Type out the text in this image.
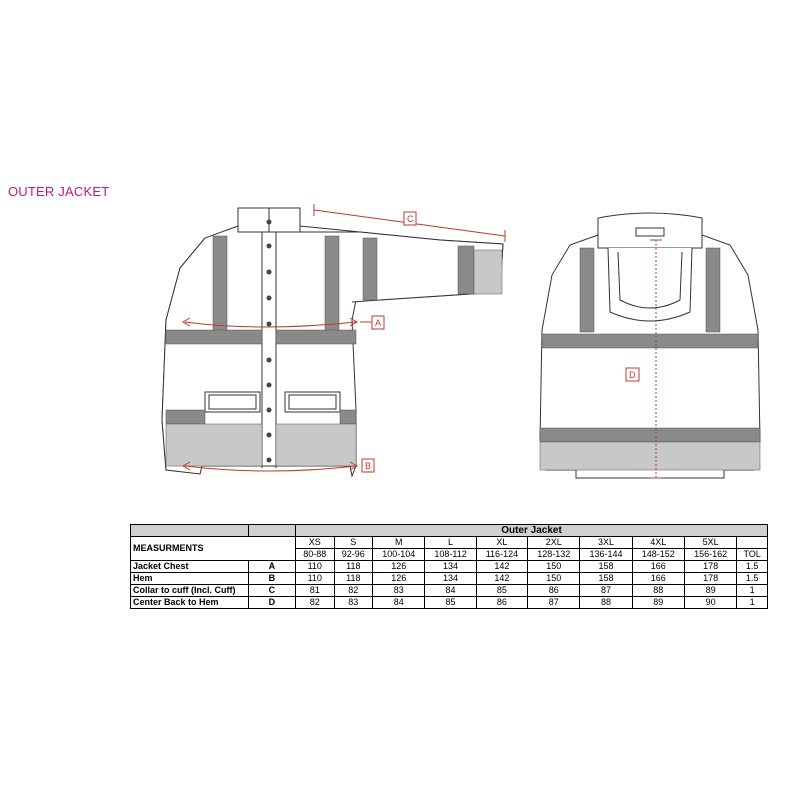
OUTER JACKET
A
B
C
D
		Outer Jacket									
MEASURMENTS		XS	S	M	L	XL	2XL	3XL	4XL	5XL	
		80-88	92-96	100-104	108-112	116-124	128-132	136-144	148-152	156-162	TOL
Jacket Chest	A	110	118	126	134	142	150	158	166	178	1.5
Hem	B	110	118	126	134	142	150	158	166	178	1.5
Collar to cuff (Incl. Cuff)	C	81	82	83	84	85	86	87	88	89	1
Center Back to Hem	D	82	83	84	85	86	87	88	89	90	1
